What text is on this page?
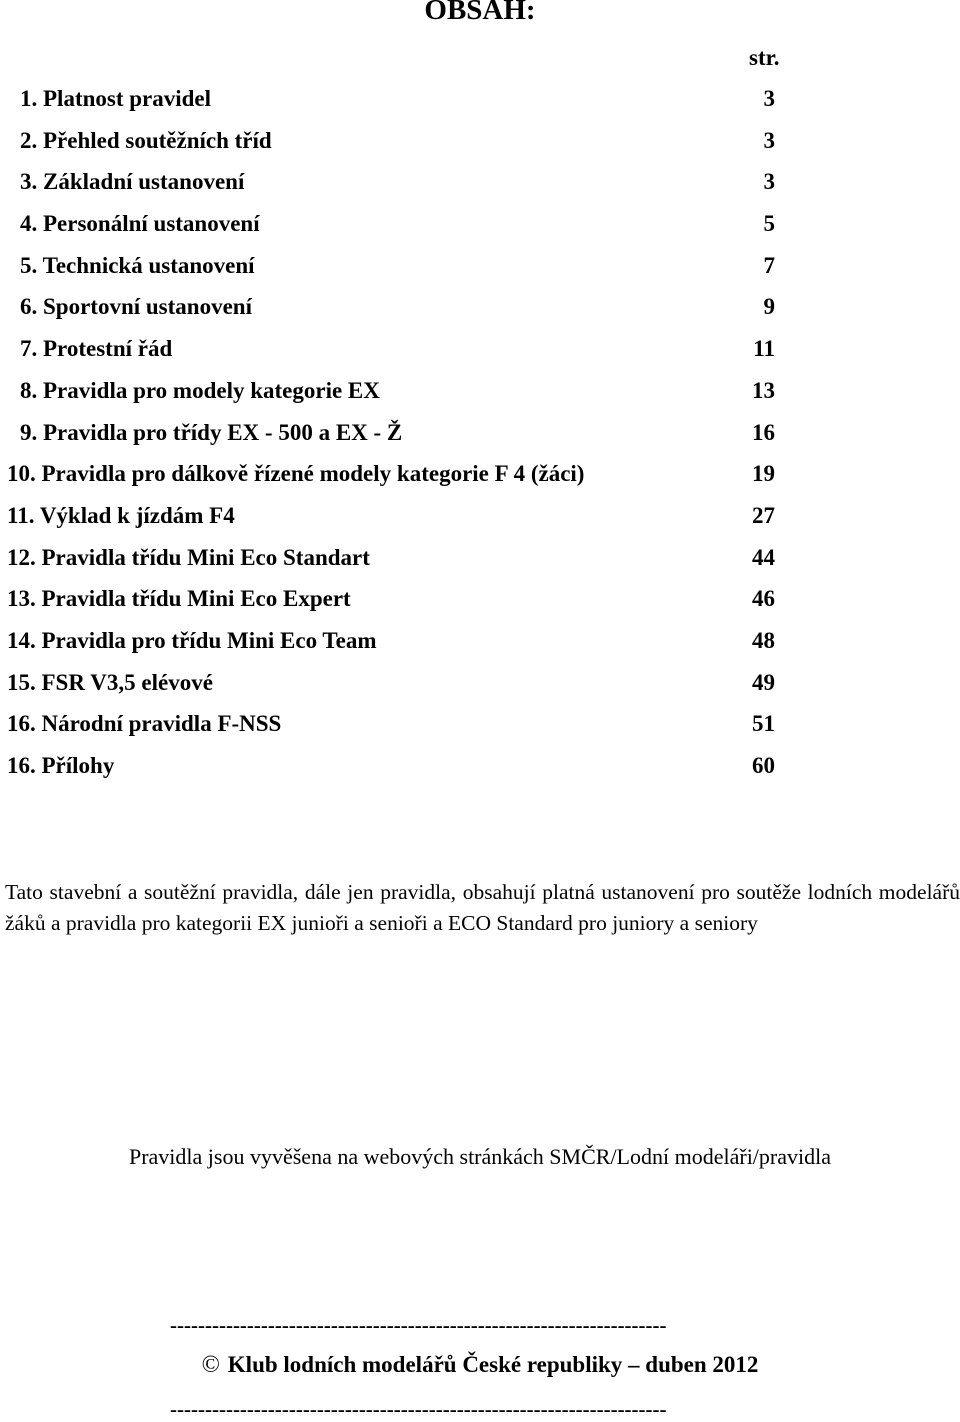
OBSAH:
str.
1. Platnost pravidel	3
2. Přehled soutěžních tříd	3
3. Základní ustanovení	3
4. Personální ustanovení	5
5. Technická ustanovení	7
6. Sportovní ustanovení	9
7. Protestní řád	11
8. Pravidla pro modely kategorie EX	13
9. Pravidla pro třídy EX - 500 a EX - Ž	16
10. Pravidla pro dálkově řízené modely kategorie F 4 (žáci)	19
11. Výklad k jízdám F4	27
12. Pravidla třídu Mini Eco Standart	44
13. Pravidla třídu Mini Eco Expert	46
14. Pravidla pro třídu Mini Eco Team	48
15. FSR V3,5 elévové	49
16. Národní pravidla F-NSS	51
16. Přílohy	60
Tato stavební a soutěžní pravidla, dále jen pravidla, obsahují platná ustanovení pro soutěže lodních modelářů žáků a pravidla pro kategorii EX junioři a senioři a ECO Standard pro juniory a seniory
Pravidla jsou vyvěšena na webových stránkách SMČR/Lodní modeláři/pravidla
-----------------------------------------------------------------------
© Klub lodních modelářů České republiky – duben 2012
-----------------------------------------------------------------------
